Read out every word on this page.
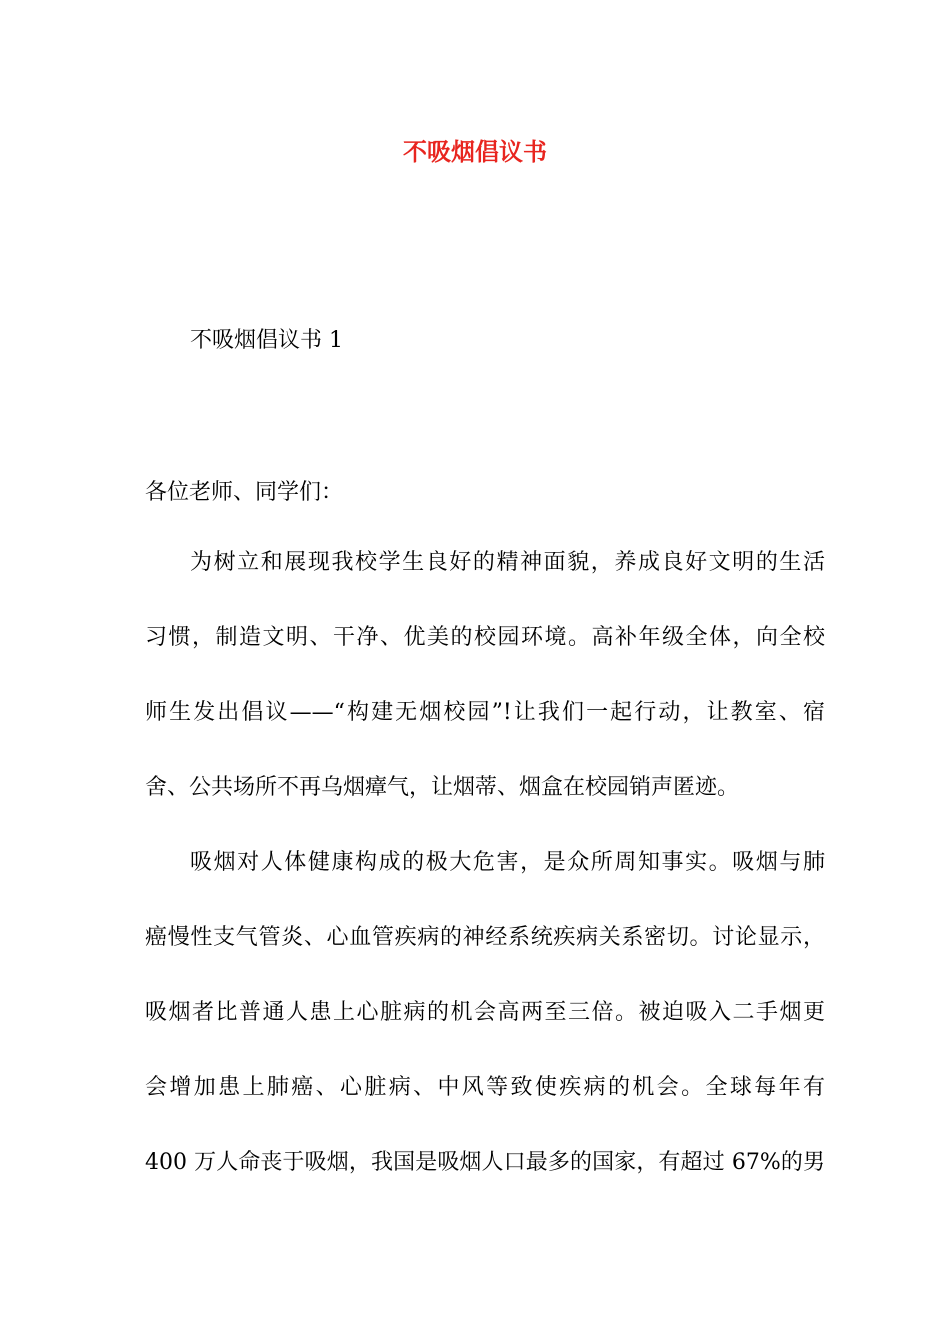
不吸烟倡议书

不吸烟倡议书 1

各位老师、同学们：

为树立和展现我校学生良好的精神面貌，养成良好文明的生活
习惯，制造文明、干净、优美的校园环境。高补年级全体，向全校
师生发出倡议——“构建无烟校园”!让我们一起行动，让教室、宿
舍、公共场所不再乌烟瘴气，让烟蒂、烟盒在校园销声匿迹。
吸烟对人体健康构成的极大危害，是众所周知事实。吸烟与肺
癌慢性支气管炎、心血管疾病的神经系统疾病关系密切。讨论显示，
吸烟者比普通人患上心脏病的机会高两至三倍。被迫吸入二手烟更
会增加患上肺癌、心脏病、中风等致使疾病的机会。全球每年有
400 万人命丧于吸烟，我国是吸烟人口最多的国家，有超过 67%的男
